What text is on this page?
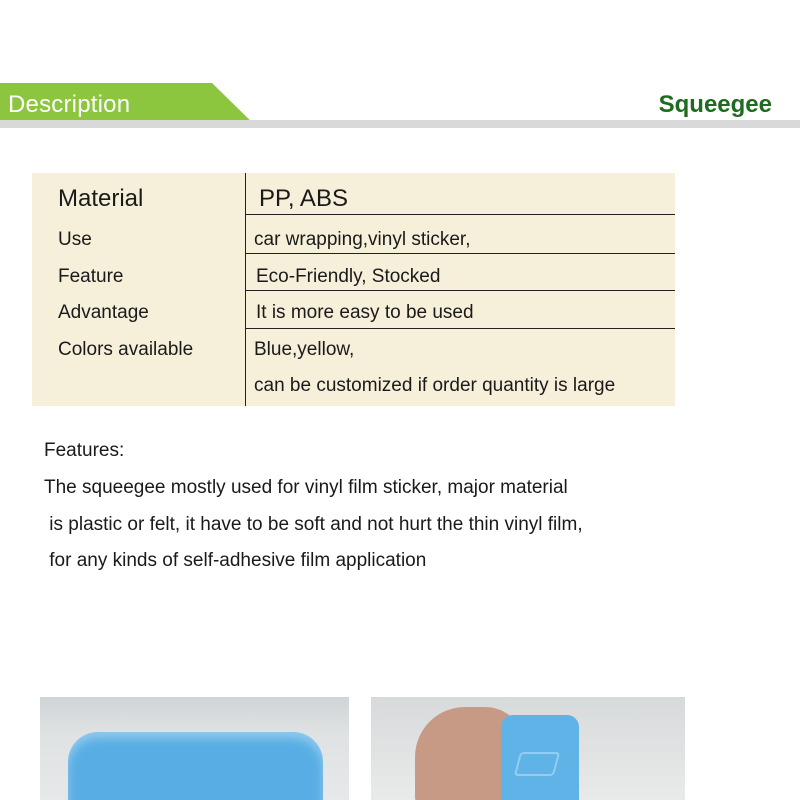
Description	Squeegee
Material	PP, ABS
Use	car wrapping,vinyl sticker,
Feature	Eco-Friendly, Stocked
Advantage	It is more easy to be used
Colors available	Blue,yellow,
can be customized if order quantity is large
Features:
The squeegee mostly used for vinyl film sticker, major material
is plastic or felt, it have to be soft and not hurt the thin vinyl film,
for any kinds of self-adhesive film application
